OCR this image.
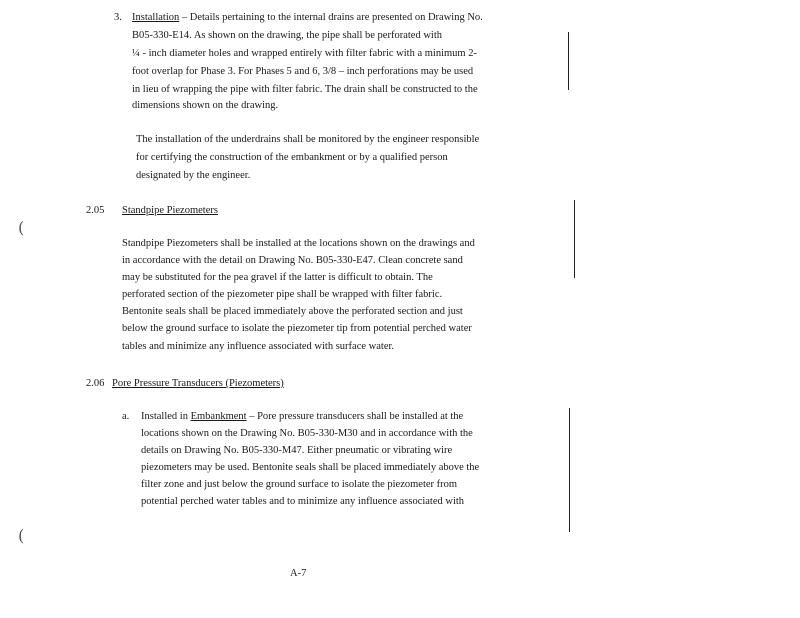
(
(
3. Installation – Details pertaining to the internal drains are presented on Drawing No.
B05-330-E14. As shown on the drawing, the pipe shall be perforated with
¼ - inch diameter holes and wrapped entirely with filter fabric with a minimum 2-
foot overlap for Phase 3. For Phases 5 and 6, 3/8 – inch perforations may be used
in lieu of wrapping the pipe with filter fabric. The drain shall be constructed to the
dimensions shown on the drawing.
The installation of the underdrains shall be monitored by the engineer responsible
for certifying the construction of the embankment or by a qualified person
designated by the engineer.
2.05 Standpipe Piezometers
Standpipe Piezometers shall be installed at the locations shown on the drawings and
in accordance with the detail on Drawing No. B05-330-E47. Clean concrete sand
may be substituted for the pea gravel if the latter is difficult to obtain. The
perforated section of the piezometer pipe shall be wrapped with filter fabric.
Bentonite seals shall be placed immediately above the perforated section and just
below the ground surface to isolate the piezometer tip from potential perched water
tables and minimize any influence associated with surface water.
2.06 Pore Pressure Transducers (Piezometers)
a. Installed in Embankment – Pore pressure transducers shall be installed at the
locations shown on the Drawing No. B05-330-M30 and in accordance with the
details on Drawing No. B05-330-M47. Either pneumatic or vibrating wire
piezometers may be used. Bentonite seals shall be placed immediately above the
filter zone and just below the ground surface to isolate the piezometer from
potential perched water tables and to minimize any influence associated with
A-7
